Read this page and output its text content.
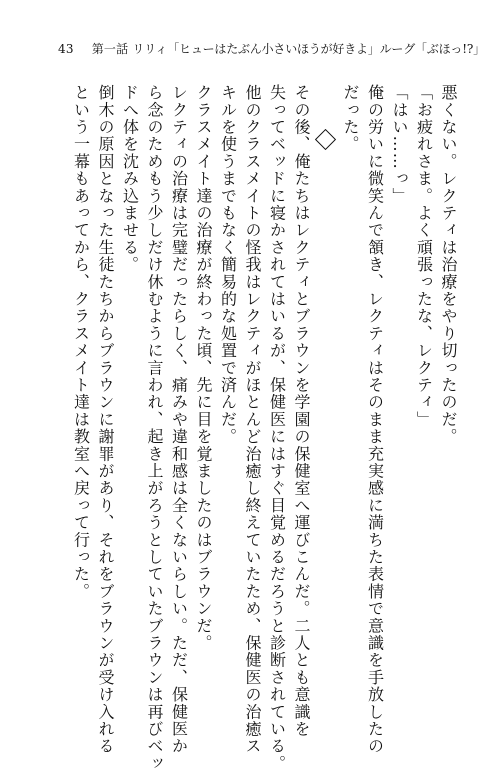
43 第一話 リリィ「ヒューはたぶん小さいほうが好きよ」ルーグ「ぶほっ!?」

悪くない。レクティは治療をやり切ったのだ。

「お疲れさま。よく頑張ったな、レクティ」

「はい……っ」

俺の労いに微笑んで頷き、レクティはそのまま充実感に満ちた表情で意識を手放したの

だった。

その後、俺たちはレクティとブラウンを学園の保健室へ運びこんだ。二人とも意識を

失ってベッドに寝かされてはいるが、保健医にはすぐ目覚めるだろうと診断されている。

他のクラスメイトの怪我はレクティがほとんど治癒し終えていたため、保健医の治癒ス

キルを使うまでもなく簡易的な処置で済んだ。

クラスメイト達の治療が終わった頃、先に目を覚ましたのはブラウンだ。

レクティの治療は完璧だったらしく、痛みや違和感は全くないらしい。ただ、保健医か

ら念のためもう少しだけ休むように言われ、起き上がろうとしていたブラウンは再びベッ

ドへ体を沈み込ませる。

倒木の原因となった生徒たちからブラウンに謝罪があり、それをブラウンが受け入れる

という一幕もあってから、クラスメイト達は教室へ戻って行った。
